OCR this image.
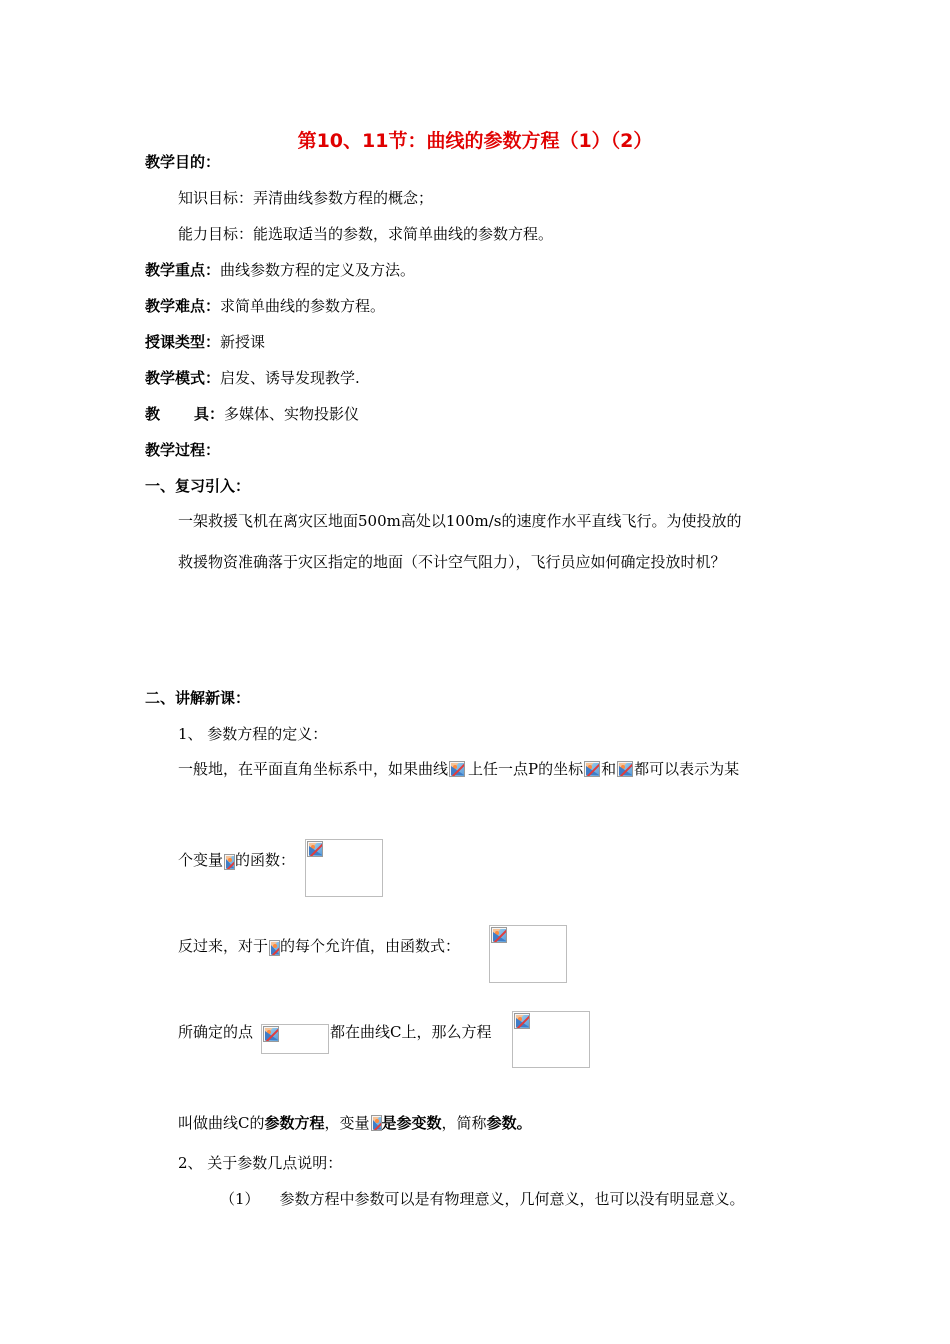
第10、11节：曲线的参数方程（1）（2）
教学目的：
知识目标：弄清曲线参数方程的概念；
能力目标：能选取适当的参数，求简单曲线的参数方程。
教学重点：曲线参数方程的定义及方法。
教学难点：求简单曲线的参数方程。
授课类型：新授课
教学模式：启发、诱导发现教学.
教 具：多媒体、实物投影仪
教学过程：
一、复习引入：
一架救援飞机在离灾区地面500m高处以100m/s的速度作水平直线飞行。为使投放的
救援物资准确落于灾区指定的地面（不计空气阻力），飞行员应如何确定投放时机？
二、讲解新课：
1、 参数方程的定义：
一般地，在平面直角坐标系中，如果曲线 上任一点P的坐标 和 都可以表示为某
个变量 的函数：
反过来，对于 的每个允许值，由函数式：
所确定的点	都在曲线C上，那么方程
叫做曲线C的参数方程，变量 是参变数，简称参数。
2、 关于参数几点说明：
（1） 参数方程中参数可以是有物理意义，几何意义，也可以没有明显意义。
